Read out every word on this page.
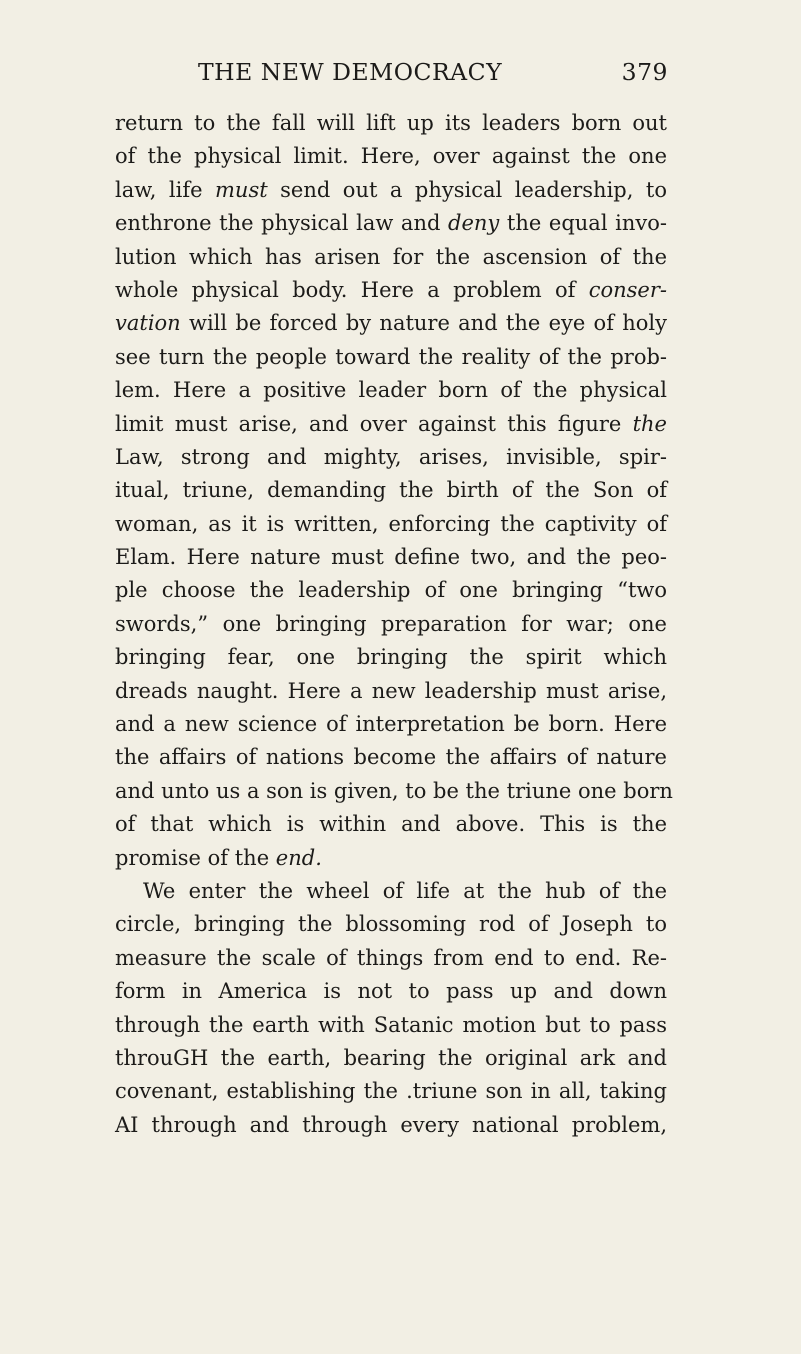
THE NEW DEMOCRACY	379
return to the fall will lift up its leaders born out
of the physical limit. Here, over against the one
law, life must send out a physical leadership, to
enthrone the physical law and deny the equal invo-
lution which has arisen for the ascension of the
whole physical body. Here a problem of conser-
vation will be forced by nature and the eye of holy
see turn the people toward the reality of the prob-
lem. Here a positive leader born of the physical
limit must arise, and over against this figure the
Law, strong and mighty, arises, invisible, spir-
itual, triune, demanding the birth of the Son of
woman, as it is written, enforcing the captivity of
Elam. Here nature must define two, and the peo-
ple choose the leadership of one bringing “two
swords,” one bringing preparation for war; one
bringing fear, one bringing the spirit which
dreads naught. Here a new leadership must arise,
and a new science of interpretation be born. Here
the affairs of nations become the affairs of nature
and unto us a son is given, to be the triune one born
of that which is within and above. This is the
promise of the end.
We enter the wheel of life at the hub of the
circle, bringing the blossoming rod of Joseph to
measure the scale of things from end to end. Re-
form in America is not to pass up and down
through the earth with Satanic motion but to pass
throuGH the earth, bearing the original ark and
covenant, establishing the .triune son in all, taking
AI through and through every national problem,
